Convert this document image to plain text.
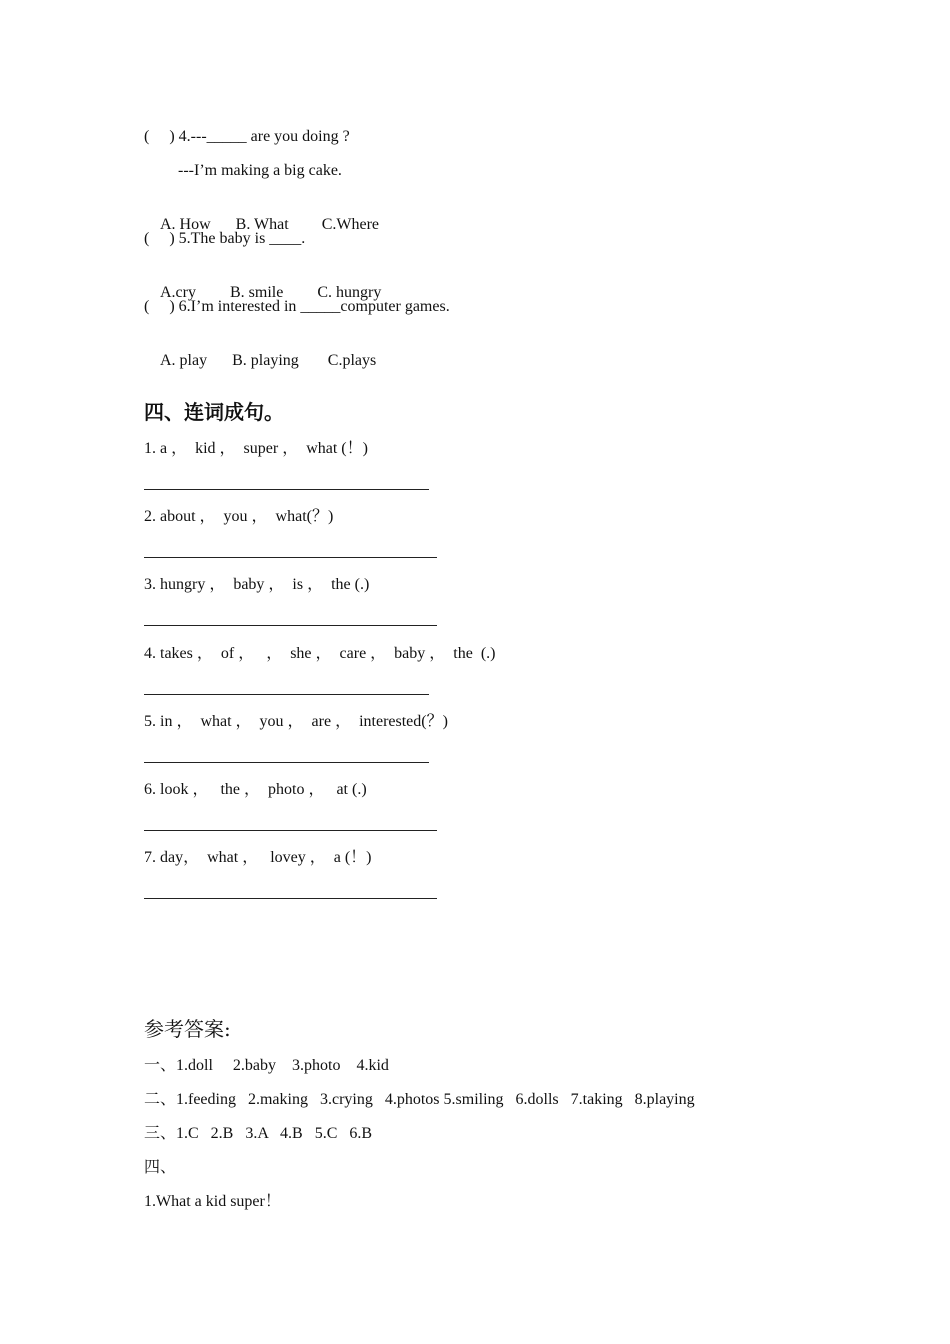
(     ) 4.---_____ are you doing ?
---I’m making a big cake.

A. How B. What C.Where

(     ) 5.The baby is ____.

A.cry B. smile C. hungry

(     ) 6.I’m interested in _____computer games.

A. play B. playing C.plays

四、连词成句。
1. a ，  kid ，  super ，  what (！)
2. about ，  you ，  what(？)
3. hungry ，  baby ，  is ，  the (.)
4. takes ，  of ，   ，  she ，  care ，  baby ，  the  (.)
5. in ，  what ，  you ，  are ，  interested(？)
6. look ，   the ，  photo ，   at (.)
7. day，  what ，   lovey ，  a (！)
参考答案:
一、1.doll     2.baby    3.photo    4.kid
二、1.feeding   2.making   3.crying   4.photos 5.smiling   6.dolls   7.taking   8.playing
三、1.C   2.B   3.A   4.B   5.C   6.B
四、
1.What a kid super！
